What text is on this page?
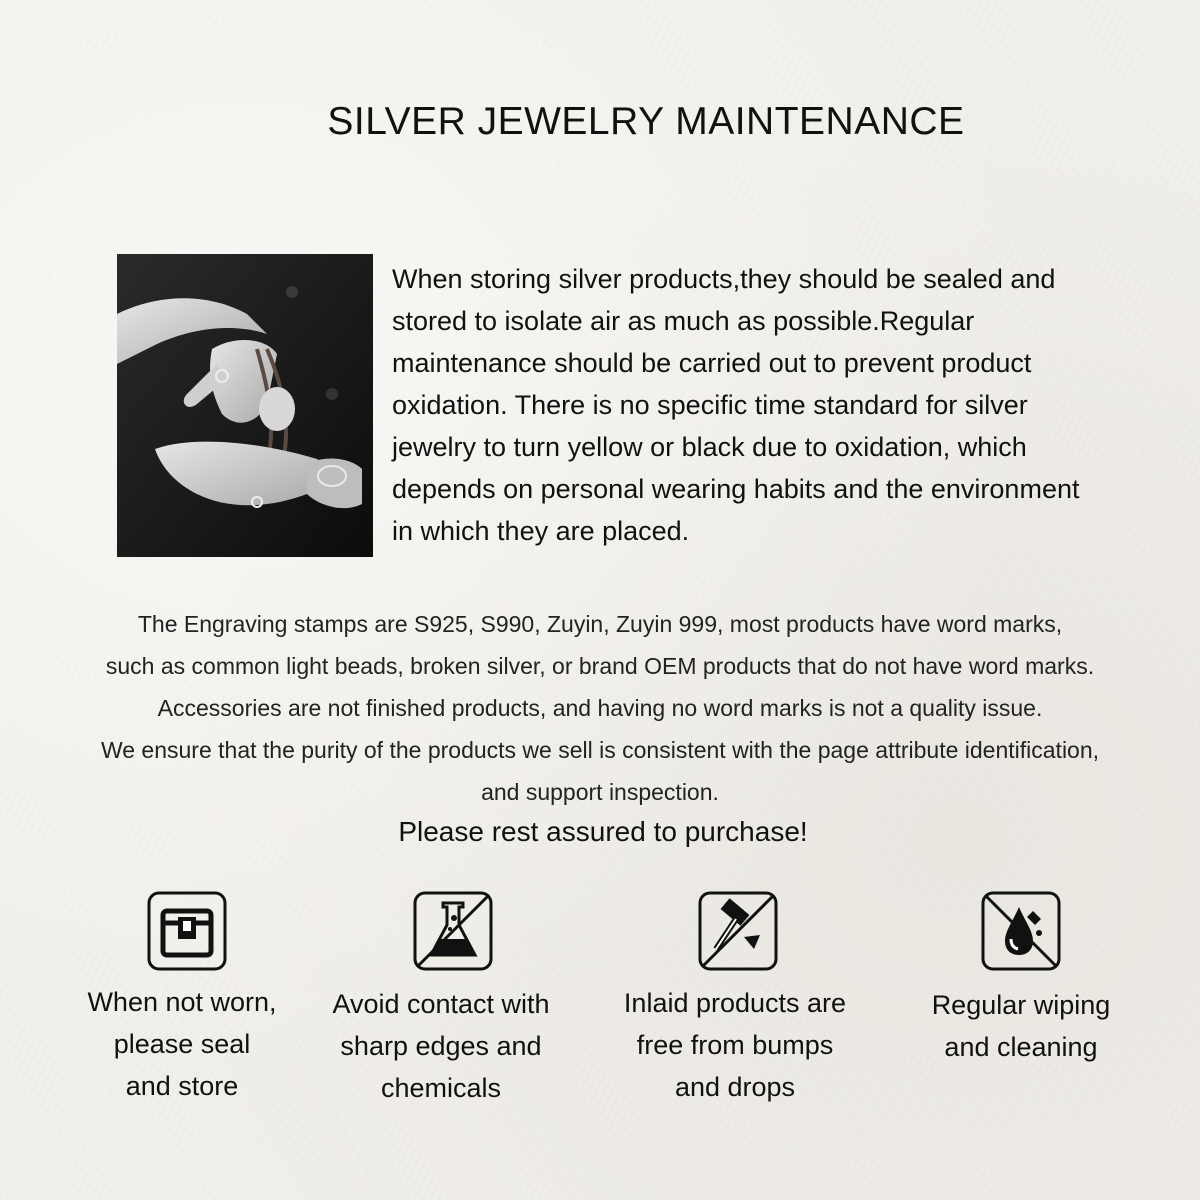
SILVER JEWELRY MAINTENANCE
When storing silver products,they should be sealed and
stored to isolate air as much as possible.Regular
maintenance should be carried out to prevent product
oxidation. There is no specific time standard for silver
jewelry to turn yellow or black due to oxidation, which
depends on personal wearing habits and the environment
in which they are placed.
The Engraving stamps are S925, S990, Zuyin, Zuyin 999, most products have word marks,
such as common light beads, broken silver, or brand OEM products that do not have word marks.
Accessories are not finished products, and having no word marks is not a quality issue.
We ensure that the purity of the products we sell is consistent with the page attribute identification,
and support inspection.
Please rest assured to purchase!
When not worn,
please seal
and store
Avoid contact with
sharp edges and
chemicals
Inlaid products are
free from bumps
and drops
Regular wiping
and cleaning
